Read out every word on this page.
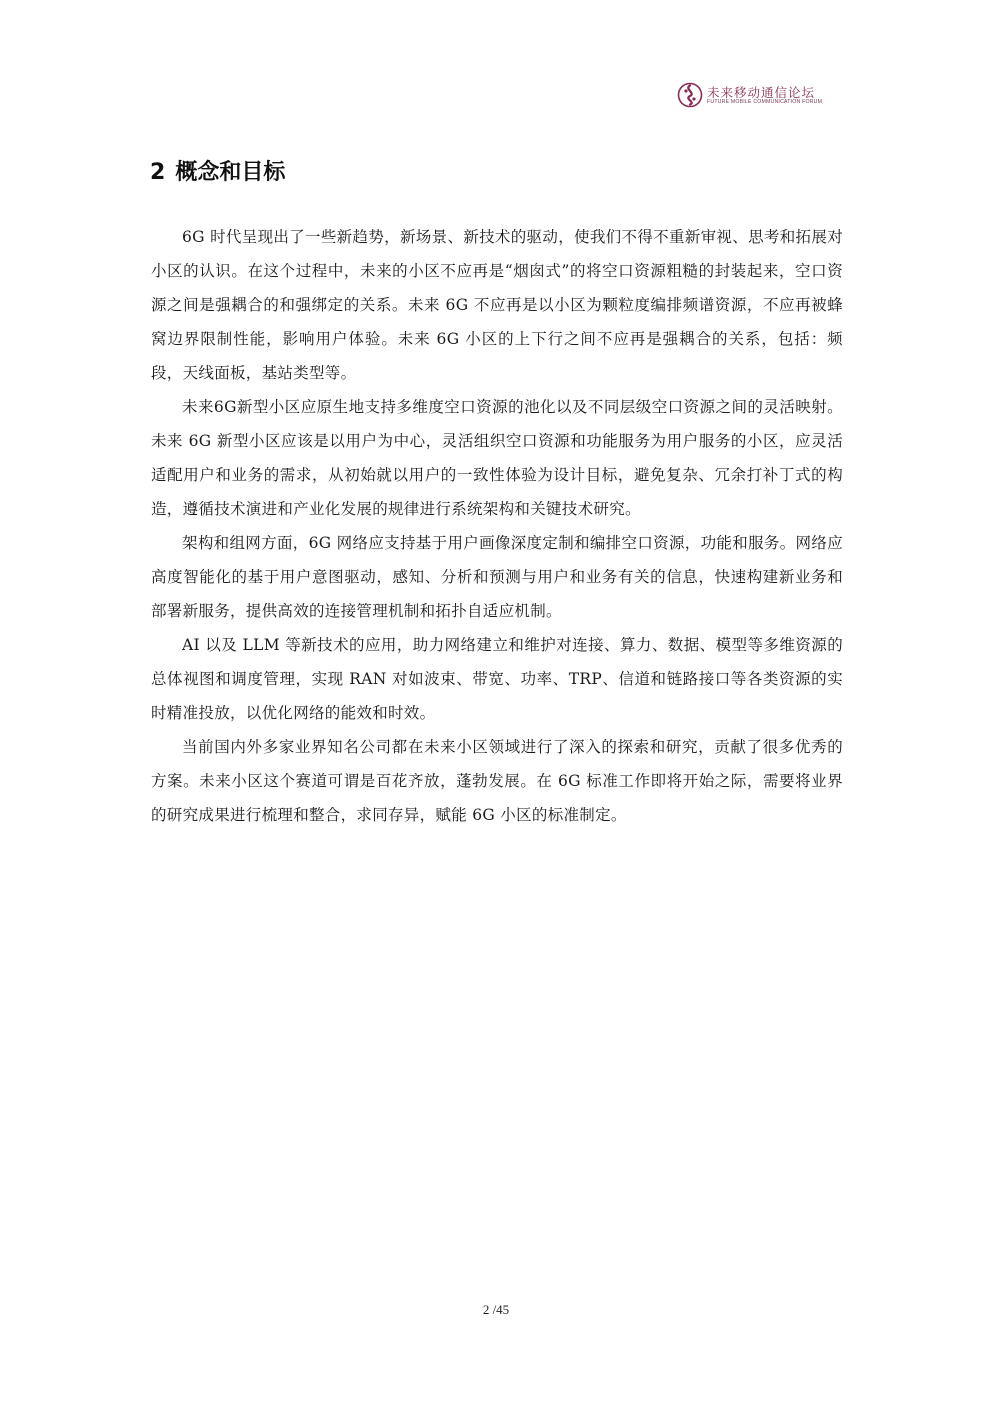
未来移动通信论坛
FUTURE MOBILE COMMUNICATION FORUM
2 概念和目标

6G 时代呈现出了一些新趋势，新场景、新技术的驱动，使我们不得不重新审视、思考和拓展对小区的认识。在这个过程中，未来的小区不应再是“烟囱式”的将空口资源粗糙的封装起来，空口资源之间是强耦合的和强绑定的关系。未来 6G 不应再是以小区为颗粒度编排频谱资源，不应再被蜂窝边界限制性能，影响用户体验。未来 6G 小区的上下行之间不应再是强耦合的关系，包括：频段，天线面板，基站类型等。

未来6G新型小区应原生地支持多维度空口资源的池化以及不同层级空口资源之间的灵活映射。未来 6G 新型小区应该是以用户为中心，灵活组织空口资源和功能服务为用户服务的小区，应灵活适配用户和业务的需求，从初始就以用户的一致性体验为设计目标，避免复杂、冗余打补丁式的构造，遵循技术演进和产业化发展的规律进行系统架构和关键技术研究。

架构和组网方面，6G 网络应支持基于用户画像深度定制和编排空口资源，功能和服务。网络应高度智能化的基于用户意图驱动，感知、分析和预测与用户和业务有关的信息，快速构建新业务和部署新服务，提供高效的连接管理机制和拓扑自适应机制。

AI 以及 LLM 等新技术的应用，助力网络建立和维护对连接、算力、数据、模型等多维资源的总体视图和调度管理，实现 RAN 对如波束、带宽、功率、TRP、信道和链路接口等各类资源的实时精准投放，以优化网络的能效和时效。

当前国内外多家业界知名公司都在未来小区领域进行了深入的探索和研究，贡献了很多优秀的方案。未来小区这个赛道可谓是百花齐放，蓬勃发展。在 6G 标准工作即将开始之际，需要将业界的研究成果进行梳理和整合，求同存异，赋能 6G 小区的标准制定。

2 /45
